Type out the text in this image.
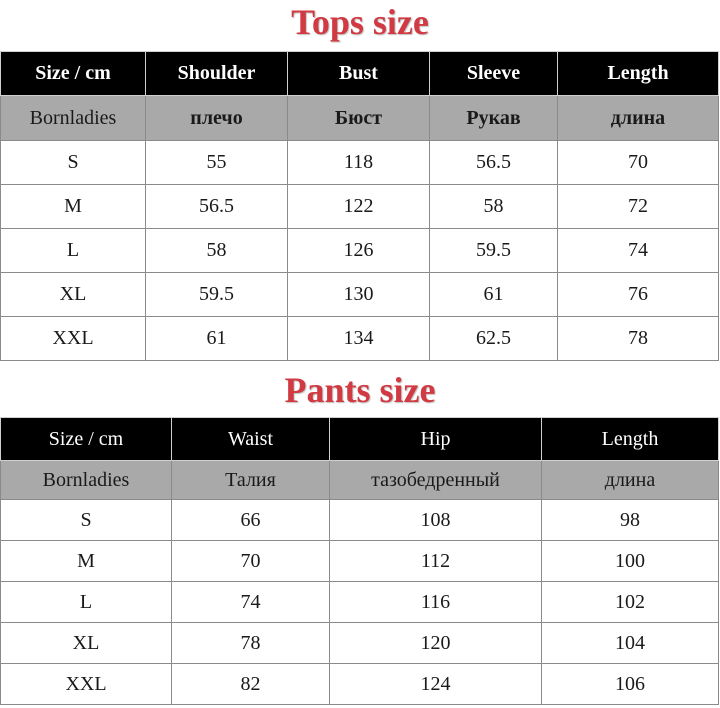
Tops size
Size / cm	Shoulder	Bust	Sleeve	Length
Bornladies	плечо	Бюст	Рукав	длина
S	55	118	56.5	70
M	56.5	122	58	72
L	58	126	59.5	74
XL	59.5	130	61	76
XXL	61	134	62.5	78
Pants size
Size / cm	Waist	Hip	Length
Bornladies	Талия	тазобедренный	длина
S	66	108	98
M	70	112	100
L	74	116	102
XL	78	120	104
XXL	82	124	106
